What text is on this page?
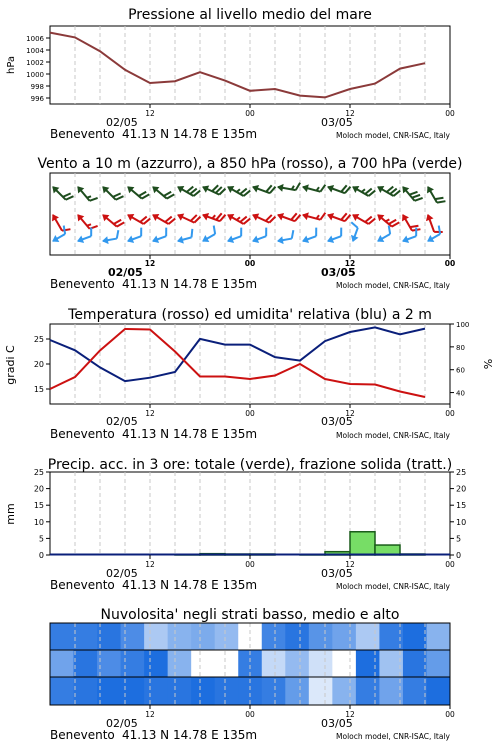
Pressione al livello medio del mare
996
998
1000
1002
1004
1006
hPa
12	00	12	00
02/05	03/05
Benevento 41.13 N 14.78 E 135m	Moloch model, CNR-ISAC, Italy
Vento a 10 m (azzurro), a 850 hPa (rosso), a 700 hPa (verde)
12	00	12	00
02/05	03/05
Benevento 41.13 N 14.78 E 135m	Moloch model, CNR-ISAC, Italy
Temperatura (rosso) ed umidita' relativa (blu) a 2 m
15
20
25
40
60
80
100
gradi C	%
12	00	12	00
02/05	03/05
Benevento 41.13 N 14.78 E 135m	Moloch model, CNR-ISAC, Italy
Precip. acc. in 3 ore: totale (verde), frazione solida (tratt.)
0
5
10
15
20
25
0
5
10
15
20
25
mm
12	00	12	00
02/05	03/05
Benevento 41.13 N 14.78 E 135m	Moloch model, CNR-ISAC, Italy
Nuvolosita' negli strati basso, medio e alto
12	00	12	00
02/05	03/05
Benevento 41.13 N 14.78 E 135m	Moloch model, CNR-ISAC, Italy
